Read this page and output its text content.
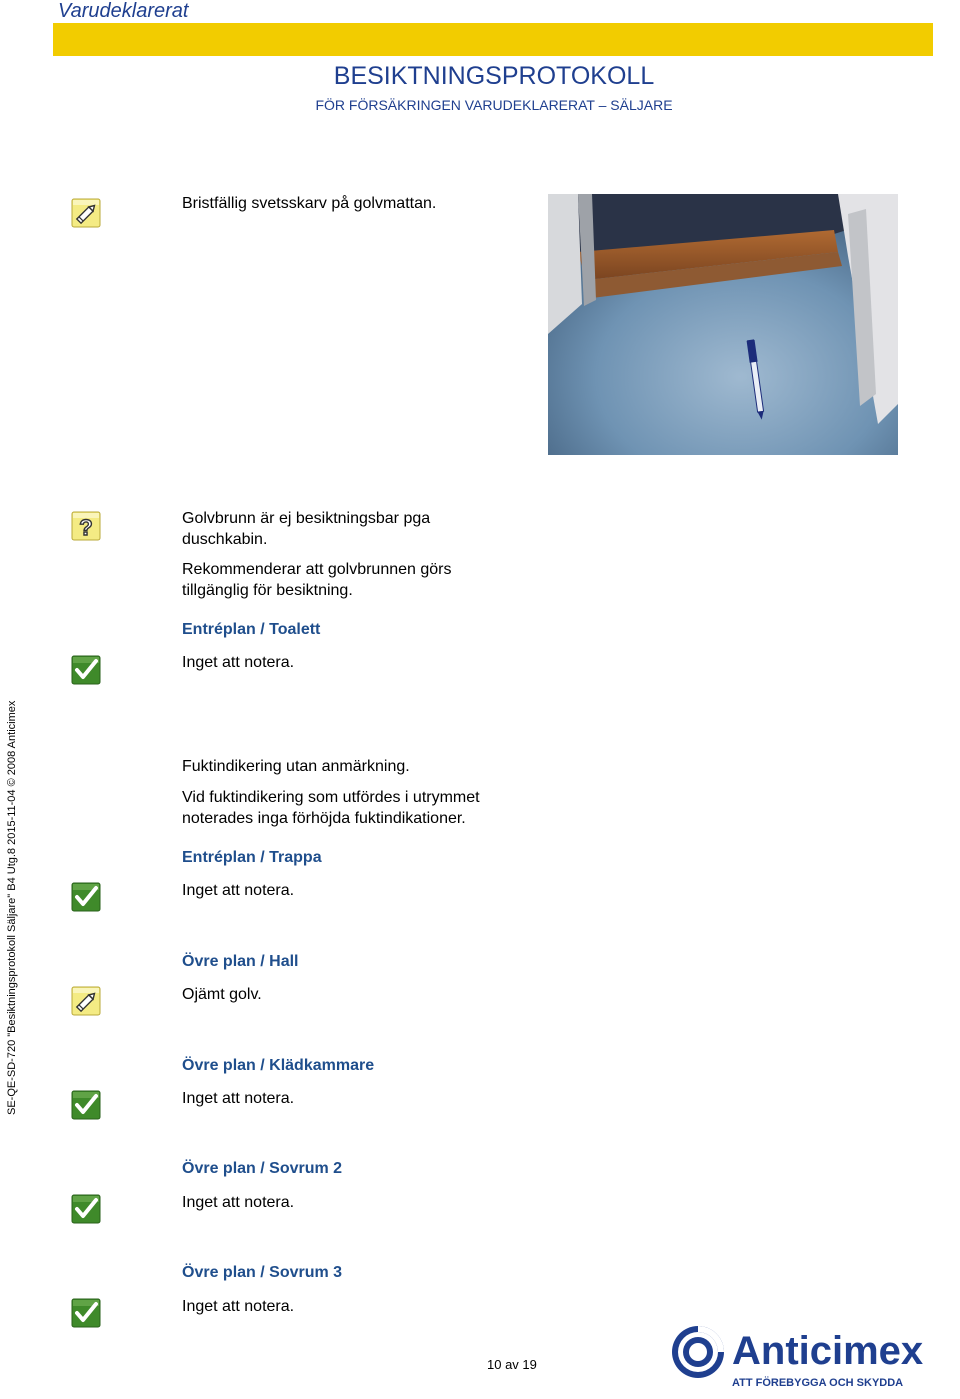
Varudeklarerat
BESIKTNINGSPROTOKOLL
FÖR FÖRSÄKRINGEN VARUDEKLARERAT – SÄLJARE
SE-QE-SD-720 "Besiktningsprotokoll Säljare" B4 Utg.8 2015-11-04 © 2008 Anticimex
Bristfällig svetsskarv på golvmattan.
?	Golvbrunn är ej besiktningsbar pga
duschkabin.
Rekommenderar att golvbrunnen görs
tillgänglig för besiktning.
Entréplan / Toalett
Inget att notera.
Fuktindikering utan anmärkning.
Vid fuktindikering som utfördes i utrymmet
noterades inga förhöjda fuktindikationer.
Entréplan / Trappa
Inget att notera.
Övre plan / Hall
Ojämt golv.
Övre plan / Klädkammare
Inget att notera.
Övre plan / Sovrum 2
Inget att notera.
Övre plan / Sovrum 3
Inget att notera.
10 av 19	Anticimex
ATT FÖREBYGGA OCH SKYDDA
